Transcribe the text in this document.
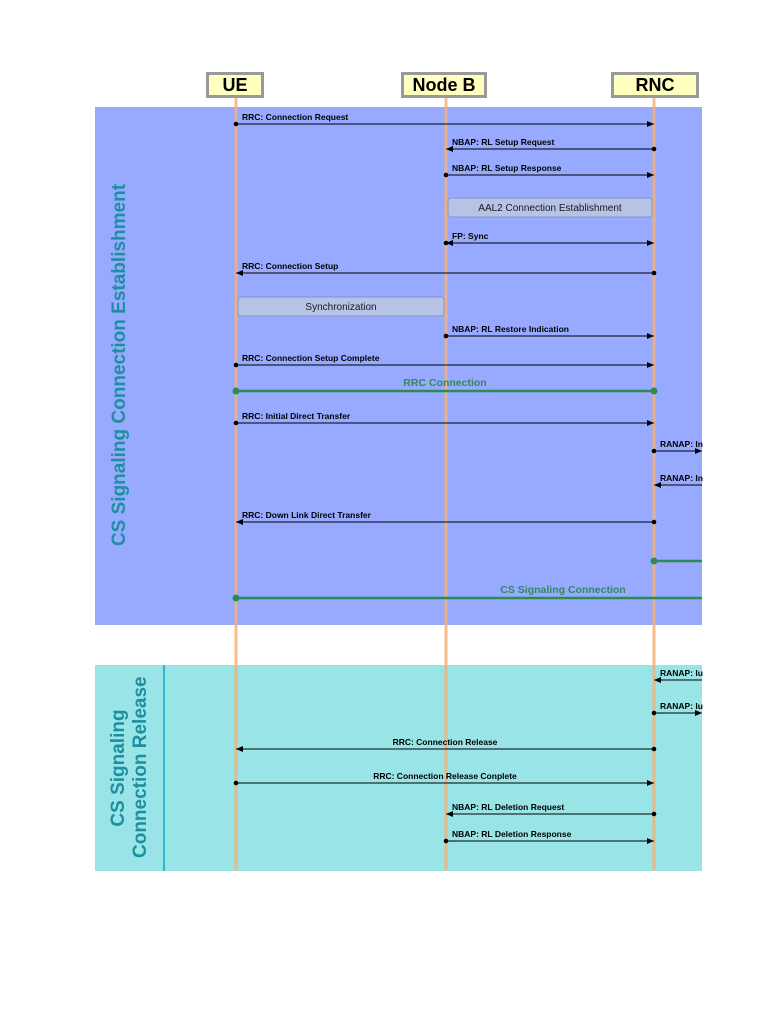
CS Signaling Connection Establishment
CS Signaling Connection Release
RRC: Connection Request
NBAP: RL Setup Request
NBAP: RL Setup Response
AAL2 Connection Establishment
FP: Sync
RRC: Connection Setup
Synchronization
NBAP: RL Restore Indication
RRC: Connection Setup Complete
RRC Connection
RRC: Initial Direct Transfer
RANAP: In
RANAP: In
RRC: Down Link Direct Transfer
CS Signaling Connection
RANAP: Iu
RANAP: Iu
RRC: Connection Release
RRC: Connection Release Conplete
NBAP: RL Deletion Request
NBAP: RL Deletion Response
UE	Node B	RNC
